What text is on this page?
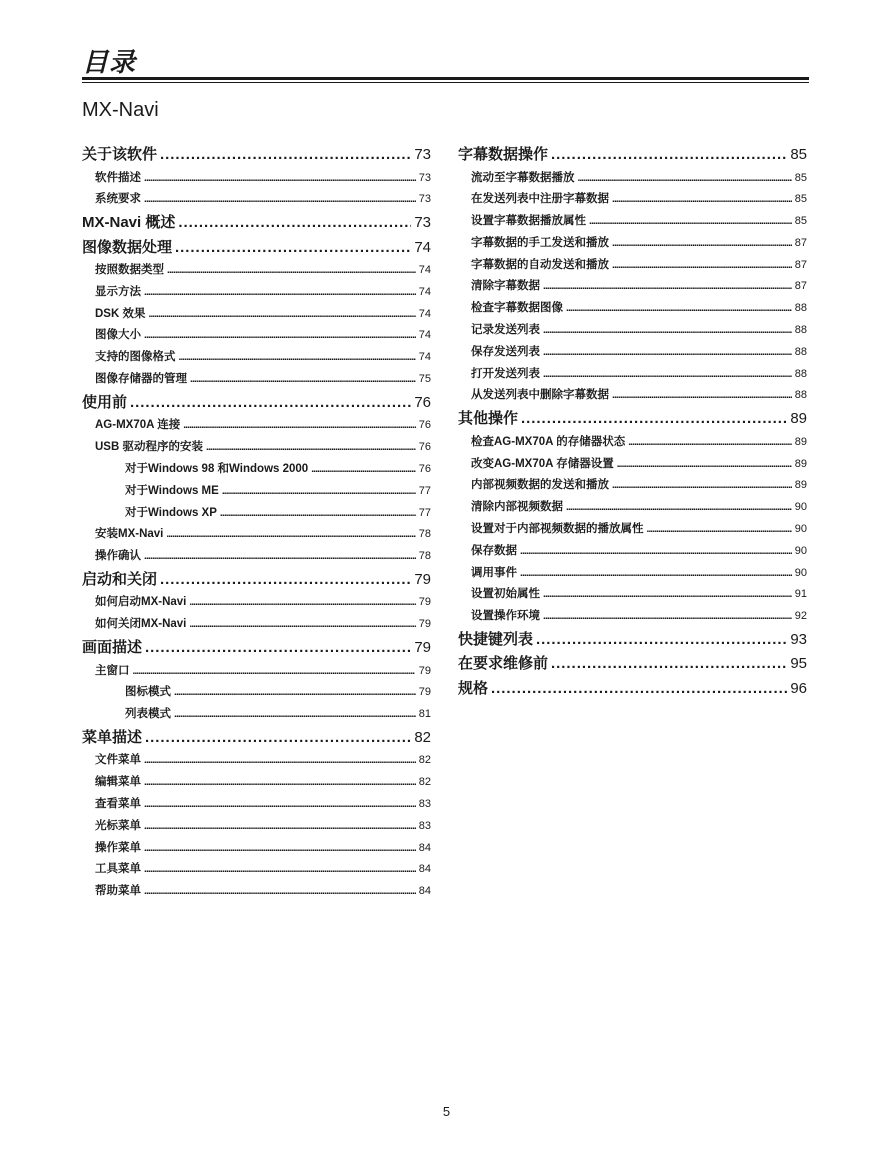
目录
MX-Navi
关于该软件 . . .	73
软件描述 . . .	73
系统要求 . . .	73
MX-Navi 概述 . . .	73
图像数据处理 . . .	74
按照数据类型 . . .	74
显示方法 . . .	74
DSK 效果 . . .	74
图像大小 . . .	74
支持的图像格式 . . .	74
图像存储器的管理 . . .	75
使用前 . . .	76
AG-MX70A 连接 . . .	76
USB 驱动程序的安装 . . .	76
对于Windows 98 和Windows 2000 . . .	76
对于Windows ME . . .	77
对于Windows XP . . .	77
安装MX-Navi . . .	78
操作确认 . . .	78
启动和关闭 . . .	79
如何启动MX-Navi . . .	79
如何关闭MX-Navi . . .	79
画面描述 . . .	79
主窗口 . . .	79
图标模式 . . .	79
列表模式 . . .	81
菜单描述 . . .	82
文件菜单 . . .	82
编辑菜单 . . .	82
查看菜单 . . .	83
光标菜单 . . .	83
操作菜单 . . .	84
工具菜单 . . .	84
帮助菜单 . . .	84
字幕数据操作 . . .	85
流动至字幕数据播放 . . .	85
在发送列表中注册字幕数据 . . .	85
设置字幕数据播放属性 . . .	85
字幕数据的手工发送和播放 . . .	87
字幕数据的自动发送和播放 . . .	87
清除字幕数据 . . .	87
检查字幕数据图像 . . .	88
记录发送列表 . . .	88
保存发送列表 . . .	88
打开发送列表 . . .	88
从发送列表中删除字幕数据 . . .	88
其他操作 . . .	89
检查AG-MX70A 的存储器状态 . . .	89
改变AG-MX70A 存储器设置 . . .	89
内部视频数据的发送和播放 . . .	89
清除内部视频数据 . . .	90
设置对于内部视频数据的播放属性 . . .	90
保存数据 . . .	90
调用事件 . . .	90
设置初始属性 . . .	91
设置操作环境 . . .	92
快捷键列表 . . .	93
在要求维修前 . . .	95
规格 . . .	96
5
